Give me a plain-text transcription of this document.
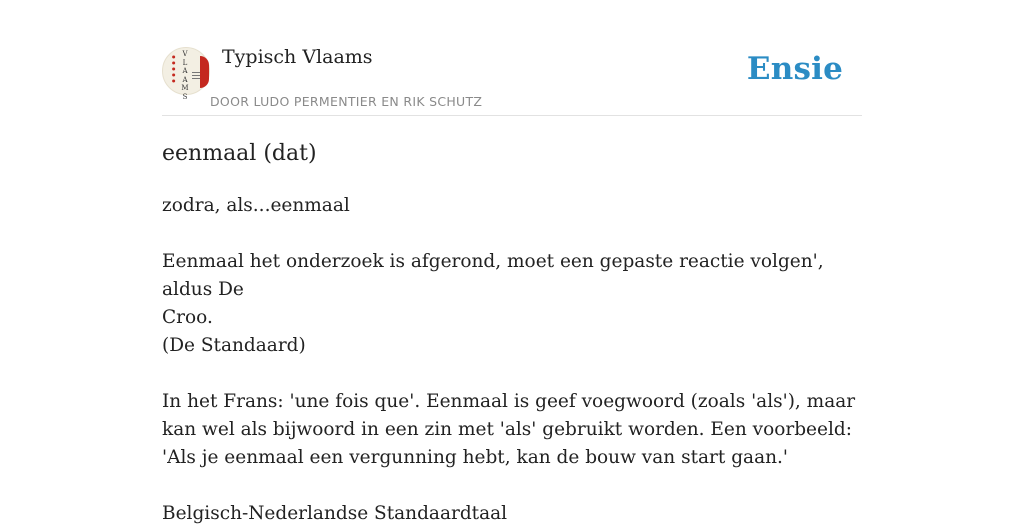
●
●
●
●
●
V
L
A
A
M
S
Typisch Vlaams
DOOR LUDO PERMENTIER EN RIK SCHUTZ
Ensie
eenmaal (dat)

zodra, als...eenmaal

Eenmaal het onderzoek is afgerond, moet een gepaste reactie volgen', aldus De

Croo.

(De Standaard)

In het Frans: 'une fois que'. Eenmaal is geef voegwoord (zoals 'als'), maar kan wel als bijwoord in een zin met 'als' gebruikt worden. Een voorbeeld: 'Als je eenmaal een vergunning hebt, kan de bouw van start gaan.'

Belgisch-Nederlandse Standaardtaal
